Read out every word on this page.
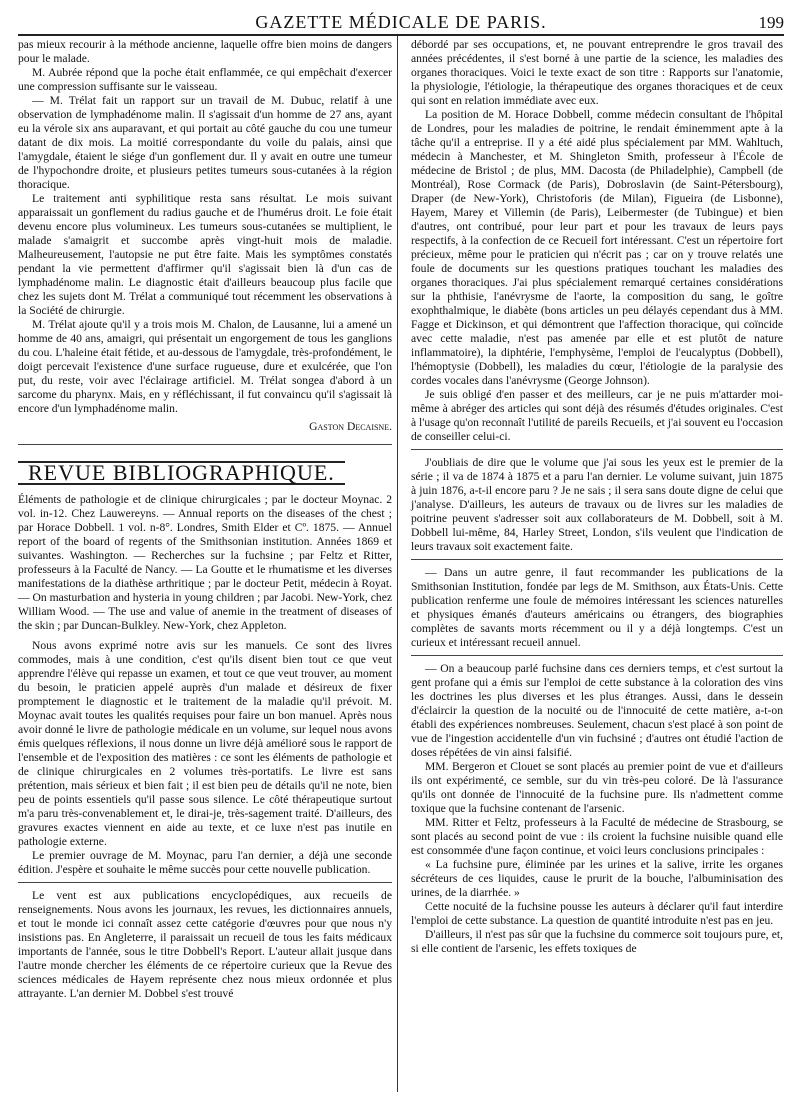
GAZETTE MÉDICALE DE PARIS.	199

pas mieux recourir à la méthode ancienne, laquelle offre bien moins de dangers pour le malade.

M. Aubrée répond que la poche était enflammée, ce qui empêchait d'exercer une compression suffisante sur le vaisseau.

— M. Trélat fait un rapport sur un travail de M. Dubuc, relatif à une observation de lymphadénome malin. Il s'agissait d'un homme de 27 ans, ayant eu la vérole six ans auparavant, et qui portait au côté gauche du cou une tumeur datant de dix mois. La moitié correspondante du voile du palais, ainsi que l'amygdale, étaient le siége d'un gonflement dur. Il y avait en outre une tumeur de l'hypochondre droite, et plusieurs petites tumeurs sous-cutanées à la région thoracique.

Le traitement anti syphilitique resta sans résultat. Le mois suivant apparaissait un gonflement du radius gauche et de l'humérus droit. Le foie était devenu encore plus volumineux. Les tumeurs sous-cutanées se multiplient, le malade s'amaigrit et succombe après vingt-huit mois de maladie. Malheureusement, l'autopsie ne put être faite. Mais les symptômes constatés pendant la vie permettent d'affirmer qu'il s'agissait bien là d'un cas de lymphadénome malin. Le diagnostic était d'ailleurs beaucoup plus facile que chez les sujets dont M. Trélat a communiqué tout récemment les observations à la Société de chirurgie.

M. Trélat ajoute qu'il y a trois mois M. Chalon, de Lausanne, lui a amené un homme de 40 ans, amaigri, qui présentait un engorgement de tous les ganglions du cou. L'haleine était fétide, et au-dessous de l'amygdale, très-profondément, le doigt percevait l'existence d'une surface rugueuse, dure et exulcérée, que l'on put, du reste, voir avec l'éclairage artificiel. M. Trélat songea d'abord à un sarcome du pharynx. Mais, en y réfléchissant, il fut convaincu qu'il s'agissait là encore d'un lymphadénome malin.

Gaston Decaisne.
REVUE BIBLIOGRAPHIQUE.

Éléments de pathologie et de clinique chirurgicales ; par le docteur Moynac. 2 vol. in-12. Chez Lauwereyns. — Annual reports on the diseases of the chest ; par Horace Dobbell. 1 vol. n-8°. Londres, Smith Elder et Cº. 1875. — Annuel report of the board of regents of the Smithsonian institution. Années 1869 et suivantes. Washington. — Recherches sur la fuchsine ; par Feltz et Ritter, professeurs à la Faculté de Nancy. — La Goutte et le rhumatisme et les diverses manifestations de la diathèse arthritique ; par le docteur Petit, médecin à Royat. — On masturbation and hysteria in young children ; par Jacobi. New-York, chez William Wood. — The use and value of anemie in the treatment of diseases of the skin ; par Duncan-Bulkley. New-York, chez Appleton.

Nous avons exprimé notre avis sur les manuels. Ce sont des livres commodes, mais à une condition, c'est qu'ils disent bien tout ce que veut apprendre l'élève qui repasse un examen, et tout ce que veut trouver, au moment du besoin, le praticien appelé auprès d'un malade et désireux de fixer promptement le diagnostic et le traitement de la maladie qu'il prévoit. M. Moynac avait toutes les qualités requises pour faire un bon manuel. Après nous avoir donné le livre de pathologie médicale en un volume, sur lequel nous avons émis quelques réflexions, il nous donne un livre déjà amélioré sous le rapport de l'ensemble et de l'exposition des matières : ce sont les éléments de pathologie et de clinique chirurgicales en 2 volumes très-portatifs. Le livre est sans prétention, mais sérieux et bien fait ; il est bien peu de détails qu'il ne note, bien peu de points essentiels qu'il passe sous silence. Le côté thérapeutique surtout m'a paru très-convenablement et, le dirai-je, très-sagement traité. D'ailleurs, des gravures exactes viennent en aide au texte, et ce luxe n'est pas inutile en pathologie externe.

Le premier ouvrage de M. Moynac, paru l'an dernier, a déjà une seconde édition. J'espère et souhaite le même succès pour cette nouvelle publication.

Le vent est aux publications encyclopédiques, aux recueils de renseignements. Nous avons les journaux, les revues, les dictionnaires annuels, et tout le monde ici connaît assez cette catégorie d'œuvres pour que nous n'y insistions pas. En Angleterre, il paraissait un recueil de tous les faits médicaux importants de l'année, sous le titre Dobbell's Report. L'auteur allait jusque dans l'autre monde chercher les éléments de ce répertoire curieux que la Revue des sciences médicales de Hayem représente chez nous mieux ordonnée et plus attrayante. L'an dernier M. Dobbel s'est trouvé

débordé par ses occupations, et, ne pouvant entreprendre le gros travail des années précédentes, il s'est borné à une partie de la science, les maladies des organes thoraciques. Voici le texte exact de son titre : Rapports sur l'anatomie, la physiologie, l'étiologie, la thérapeutique des organes thoraciques et de ceux qui sont en relation immédiate avec eux.

La position de M. Horace Dobbell, comme médecin consultant de l'hôpital de Londres, pour les maladies de poitrine, le rendait éminemment apte à la tâche qu'il a entreprise. Il y a été aidé plus spécialement par MM. Wahltuch, médecin à Manchester, et M. Shingleton Smith, professeur à l'École de médecine de Bristol ; de plus, MM. Dacosta (de Philadelphie), Campbell (de Montréal), Rose Cormack (de Paris), Dobroslavin (de Saint-Pétersbourg), Draper (de New-York), Christoforis (de Milan), Figueira (de Lisbonne), Hayem, Marey et Villemin (de Paris), Leibermester (de Tubingue) et bien d'autres, ont contribué, pour leur part et pour les travaux de leurs pays respectifs, à la confection de ce Recueil fort intéressant. C'est un répertoire fort précieux, même pour le praticien qui n'écrit pas ; car on y trouve relatés une foule de documents sur les questions pratiques touchant les maladies des organes thoraciques. J'ai plus spécialement remarqué certaines considérations sur la phthisie, l'anévrysme de l'aorte, la composition du sang, le goître exophthalmique, le diabète (bons articles un peu délayés cependant dus à MM. Fagge et Dickinson, et qui démontrent que l'affection thoracique, qui coïncide avec cette maladie, n'est pas amenée par elle et est plutôt de nature inflammatoire), la diphtérie, l'emphysème, l'emploi de l'eucalyptus (Dobbell), l'hémoptysie (Dobbell), les maladies du cœur, l'étiologie de la paralysie des cordes vocales dans l'anévrysme (George Johnson).

Je suis obligé d'en passer et des meilleurs, car je ne puis m'attarder moi-même à abréger des articles qui sont déjà des résumés d'études originales. C'est à l'usage qu'on reconnaît l'utilité de pareils Recueils, et j'ai souvent eu l'occasion de conseiller celui-ci.

J'oubliais de dire que le volume que j'ai sous les yeux est le premier de la série ; il va de 1874 à 1875 et a paru l'an dernier. Le volume suivant, juin 1875 à juin 1876, a-t-il encore paru ? Je ne sais ; il sera sans doute digne de celui que j'analyse. D'ailleurs, les auteurs de travaux ou de livres sur les maladies de poitrine peuvent s'adresser soit aux collaborateurs de M. Dobbell, soit à M. Dobbell lui-même, 84, Harley Street, London, s'ils veulent que l'indication de leurs travaux soit exactement faite.

— Dans un autre genre, il faut recommander les publications de la Smithsonian Institution, fondée par legs de M. Smithson, aux États-Unis. Cette publication renferme une foule de mémoires intéressant les sciences naturelles et physiques émanés d'auteurs américains ou étrangers, des biographies complètes de savants morts récemment ou il y a déjà longtemps. C'est un curieux et intéressant recueil annuel.

— On a beaucoup parlé fuchsine dans ces derniers temps, et c'est surtout la gent profane qui a émis sur l'emploi de cette substance à la coloration des vins les doctrines les plus diverses et les plus étranges. Aussi, dans le dessein d'éclaircir la question de la nocuité ou de l'innocuité de cette matière, a-t-on établi des expériences nombreuses. Seulement, chacun s'est placé à son point de vue de l'ingestion accidentelle d'un vin fuchsiné ; d'autres ont étudié l'action de doses répétées de vin ainsi falsifié.

MM. Bergeron et Clouet se sont placés au premier point de vue et d'ailleurs ils ont expérimenté, ce semble, sur du vin très-peu coloré. De là l'assurance qu'ils ont donnée de l'innocuité de la fuchsine pure. Ils n'admettent comme toxique que la fuchsine contenant de l'arsenic.

MM. Ritter et Feltz, professeurs à la Faculté de médecine de Strasbourg, se sont placés au second point de vue : ils croient la fuchsine nuisible quand elle est consommée d'une façon continue, et voici leurs conclusions principales :

« La fuchsine pure, éliminée par les urines et la salive, irrite les organes sécréteurs de ces liquides, cause le prurit de la bouche, l'albuminisation des urines, de la diarrhée. »

Cette nocuité de la fuchsine pousse les auteurs à déclarer qu'il faut interdire l'emploi de cette substance. La question de quantité introduite n'est pas en jeu.

D'ailleurs, il n'est pas sûr que la fuchsine du commerce soit toujours pure, et, si elle contient de l'arsenic, les effets toxiques de
